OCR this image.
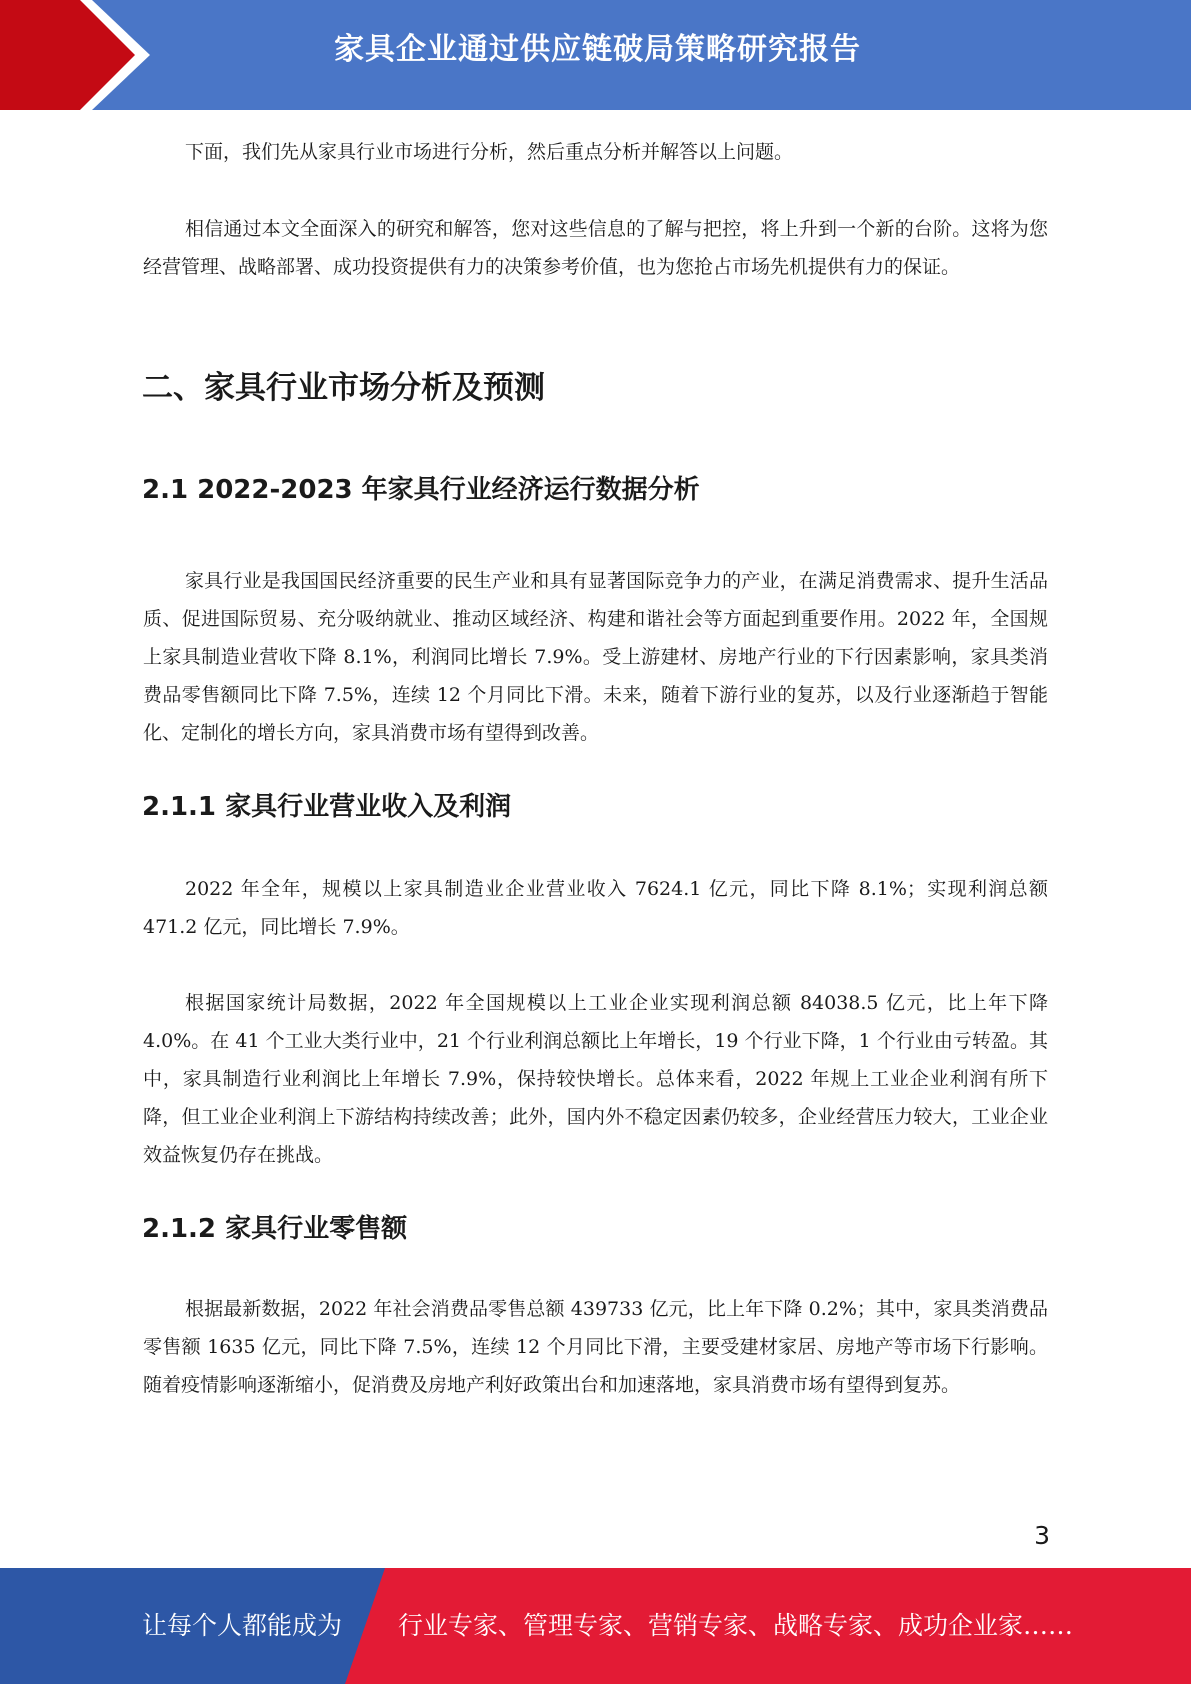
家具企业通过供应链破局策略研究报告

下面，我们先从家具行业市场进行分析，然后重点分析并解答以上问题。

相信通过本文全面深入的研究和解答，您对这些信息的了解与把控，将上升到一个新的台阶。这将为您经营管理、战略部署、成功投资提供有力的决策参考价值，也为您抢占市场先机提供有力的保证。

二、家具行业市场分析及预测
2.1 2022-2023 年家具行业经济运行数据分析

家具行业是我国国民经济重要的民生产业和具有显著国际竞争力的产业，在满足消费需求、提升生活品质、促进国际贸易、充分吸纳就业、推动区域经济、构建和谐社会等方面起到重要作用。2022 年，全国规上家具制造业营收下降 8.1%，利润同比增长 7.9%。受上游建材、房地产行业的下行因素影响，家具类消费品零售额同比下降 7.5%，连续 12 个月同比下滑。未来，随着下游行业的复苏，以及行业逐渐趋于智能化、定制化的增长方向，家具消费市场有望得到改善。

2.1.1 家具行业营业收入及利润

2022 年全年，规模以上家具制造业企业营业收入 7624.1 亿元，同比下降 8.1%；实现利润总额 471.2 亿元，同比增长 7.9%。

根据国家统计局数据，2022 年全国规模以上工业企业实现利润总额 84038.5 亿元，比上年下降 4.0%。在 41 个工业大类行业中，21 个行业利润总额比上年增长，19 个行业下降，1 个行业由亏转盈。其中，家具制造行业利润比上年增长 7.9%，保持较快增长。总体来看，2022 年规上工业企业利润有所下降，但工业企业利润上下游结构持续改善；此外，国内外不稳定因素仍较多，企业经营压力较大，工业企业效益恢复仍存在挑战。

2.1.2 家具行业零售额

根据最新数据，2022 年社会消费品零售总额 439733 亿元，比上年下降 0.2%；其中，家具类消费品零售额 1635 亿元，同比下降 7.5%，连续 12 个月同比下滑，主要受建材家居、房地产等市场下行影响。随着疫情影响逐渐缩小，促消费及房地产利好政策出台和加速落地，家具消费市场有望得到复苏。

3
让每个人都能成为 行业专家、管理专家、营销专家、战略专家、成功企业家……
